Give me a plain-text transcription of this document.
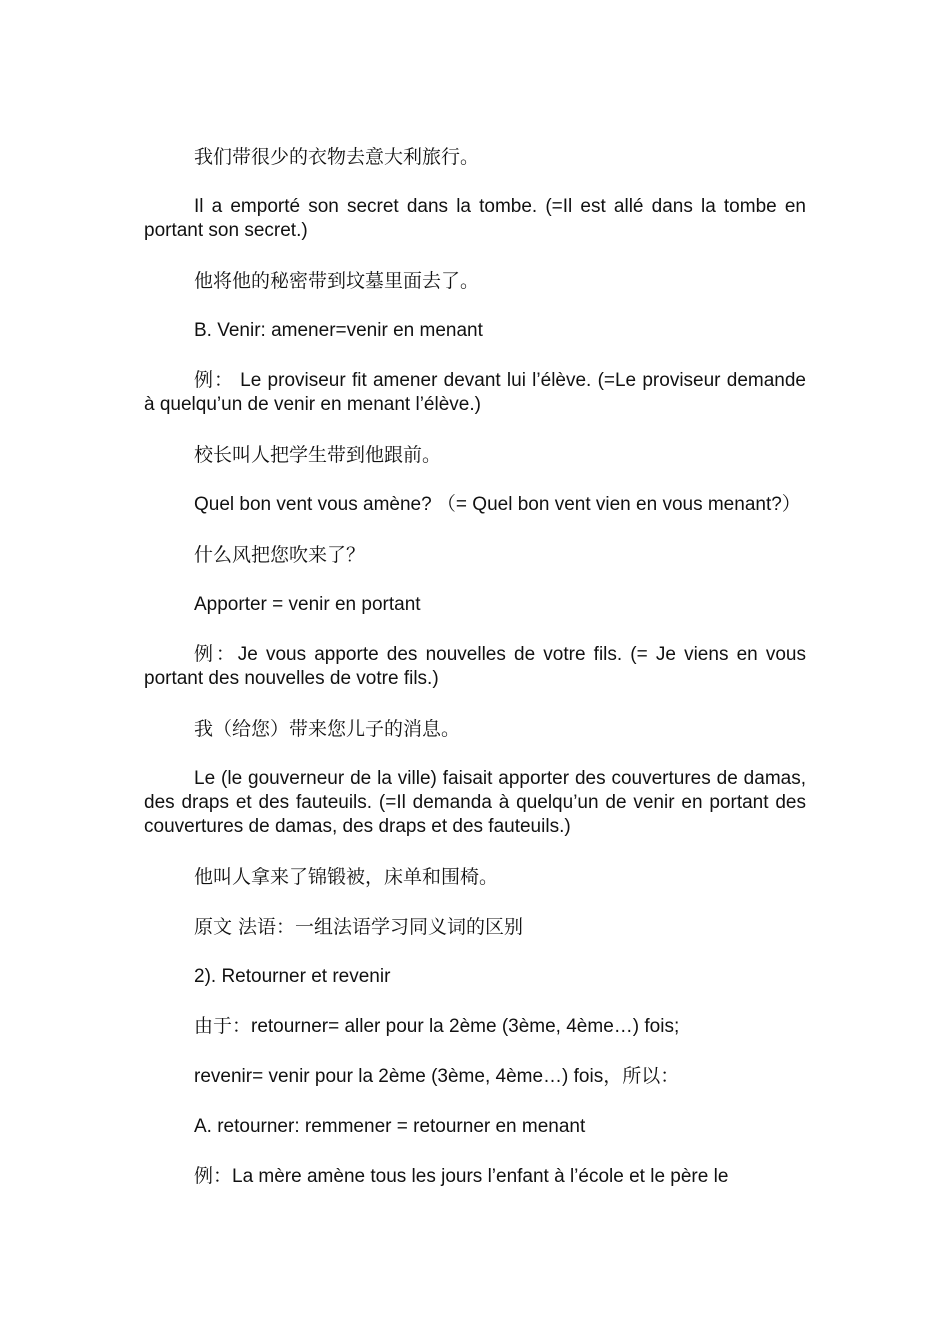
我们带很少的衣物去意大利旅行。

Il a emporté son secret dans la tombe. (=Il est allé dans la tombe en portant son secret.)

他将他的秘密带到坟墓里面去了。

B. Venir: amener=venir en menant

例： Le proviseur fit amener devant lui l’élève. (=Le proviseur demande à quelqu’un de venir en menant l’élève.)

校长叫人把学生带到他跟前。

Quel bon vent vous amène? （= Quel bon vent vien en vous menant?）

什么风把您吹来了？

Apporter = venir en portant

例：Je vous apporte des nouvelles de votre fils. (= Je viens en vous portant des nouvelles de votre fils.)

我（给您）带来您儿子的消息。

Le (le gouverneur de la ville) faisait apporter des couvertures de damas, des draps et des fauteuils. (=Il demanda à quelqu’un de venir en portant des couvertures de damas, des draps et des fauteuils.)

他叫人拿来了锦锻被，床单和围椅。

原文 法语：一组法语学习同义词的区别

2). Retourner et revenir

由于：retourner= aller pour la 2ème (3ème, 4ème…) fois;

revenir= venir pour la 2ème (3ème, 4ème…) fois，所以：

A. retourner: remmener = retourner en menant

例：La mère amène tous les jours l’enfant à l’école et le père le
